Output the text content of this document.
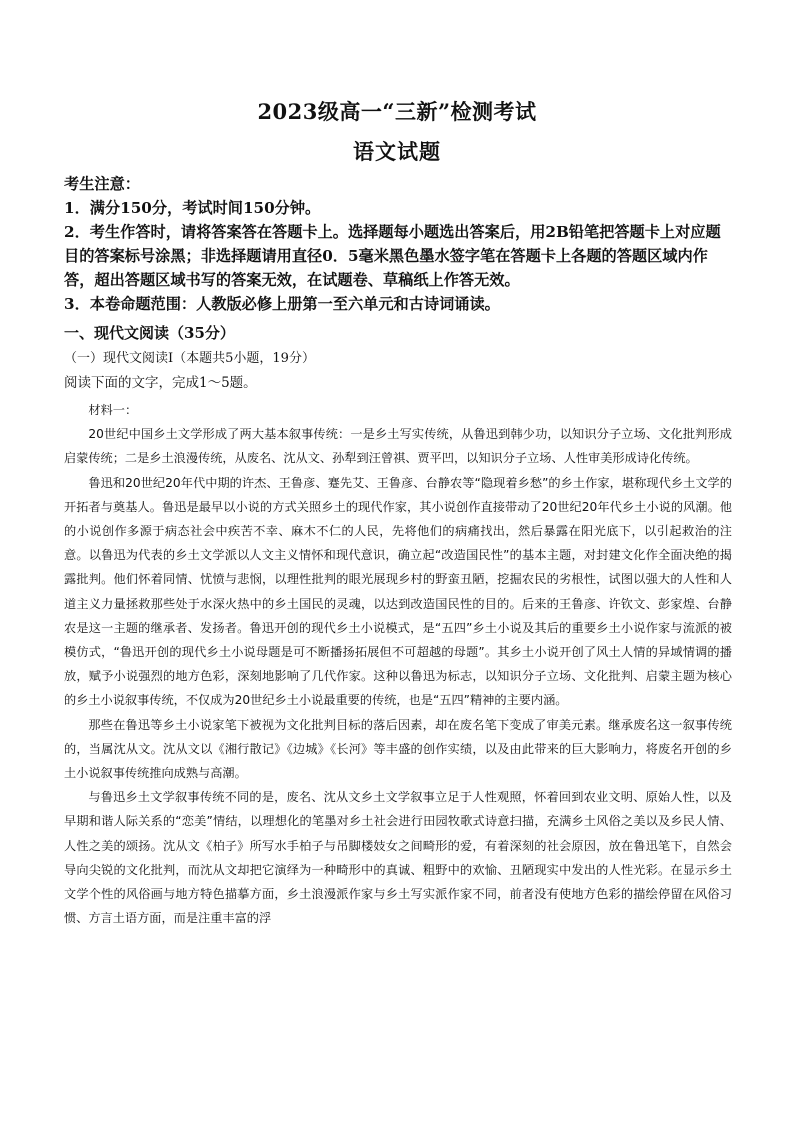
2023级高一“三新”检测考试
语文试题

考生注意：

1．满分150分，考试时间150分钟。

2．考生作答时，请将答案答在答题卡上。选择题每小题选出答案后，用2B铅笔把答题卡上对应题目的答案标号涂黑；非选择题请用直径0．5毫米黑色墨水签字笔在答题卡上各题的答题区域内作答，超出答题区域书写的答案无效，在试题卷、草稿纸上作答无效。

3．本卷命题范围：人教版必修上册第一至六单元和古诗词诵读。

一、现代文阅读（35分）
（一）现代文阅读Ⅰ（本题共5小题，19分）
阅读下面的文字，完成1～5题。

材料一：

20世纪中国乡土文学形成了两大基本叙事传统：一是乡土写实传统，从鲁迅到韩少功，以知识分子立场、文化批判形成启蒙传统；二是乡土浪漫传统，从废名、沈从文、孙犁到汪曾祺、贾平凹，以知识分子立场、人性审美形成诗化传统。

鲁迅和20世纪20年代中期的许杰、王鲁彦、蹇先艾、王鲁彦、台静农等“隐现着乡愁”的乡土作家，堪称现代乡土文学的开拓者与奠基人。鲁迅是最早以小说的方式关照乡土的现代作家，其小说创作直接带动了20世纪20年代乡土小说的风潮。他的小说创作多源于病态社会中疾苦不幸、麻木不仁的人民，先将他们的病痛找出，然后暴露在阳光底下，以引起救治的注意。以鲁迅为代表的乡土文学派以人文主义情怀和现代意识，确立起“改造国民性”的基本主题，对封建文化作全面决绝的揭露批判。他们怀着同情、忧愤与悲悯，以理性批判的眼光展现乡村的野蛮丑陋，挖掘农民的劣根性，试图以强大的人性和人道主义力量拯救那些处于水深火热中的乡土国民的灵魂，以达到改造国民性的目的。后来的王鲁彦、许钦文、彭家煌、台静农是这一主题的继承者、发扬者。鲁迅开创的现代乡土小说模式，是“五四”乡土小说及其后的重要乡土小说作家与流派的被模仿式，“鲁迅开创的现代乡土小说母题是可不断播扬拓展但不可超越的母题”。其乡土小说开创了风土人情的异域情调的播放，赋予小说强烈的地方色彩，深刻地影响了几代作家。这种以鲁迅为标志，以知识分子立场、文化批判、启蒙主题为核心的乡土小说叙事传统，不仅成为20世纪乡土小说最重要的传统，也是“五四”精神的主要内涵。

那些在鲁迅等乡土小说家笔下被视为文化批判目标的落后因素，却在废名笔下变成了审美元素。继承废名这一叙事传统的，当属沈从文。沈从文以《湘行散记》《边城》《长河》等丰盛的创作实绩，以及由此带来的巨大影响力，将废名开创的乡土小说叙事传统推向成熟与高潮。

与鲁迅乡土文学叙事传统不同的是，废名、沈从文乡土文学叙事立足于人性观照，怀着回到农业文明、原始人性，以及早期和谐人际关系的“恋美”情结，以理想化的笔墨对乡土社会进行田园牧歌式诗意扫描，充满乡土风俗之美以及乡民人情、人性之美的颂扬。沈从文《柏子》所写水手柏子与吊脚楼妓女之间畸形的爱，有着深刻的社会原因，放在鲁迅笔下，自然会导向尖锐的文化批判，而沈从文却把它演绎为一种畸形中的真诚、粗野中的欢愉、丑陋现实中发出的人性光彩。在显示乡土文学个性的风俗画与地方特色描摹方面，乡土浪漫派作家与乡土写实派作家不同，前者没有使地方色彩的描绘停留在风俗习惯、方言土语方面，而是注重丰富的浮
